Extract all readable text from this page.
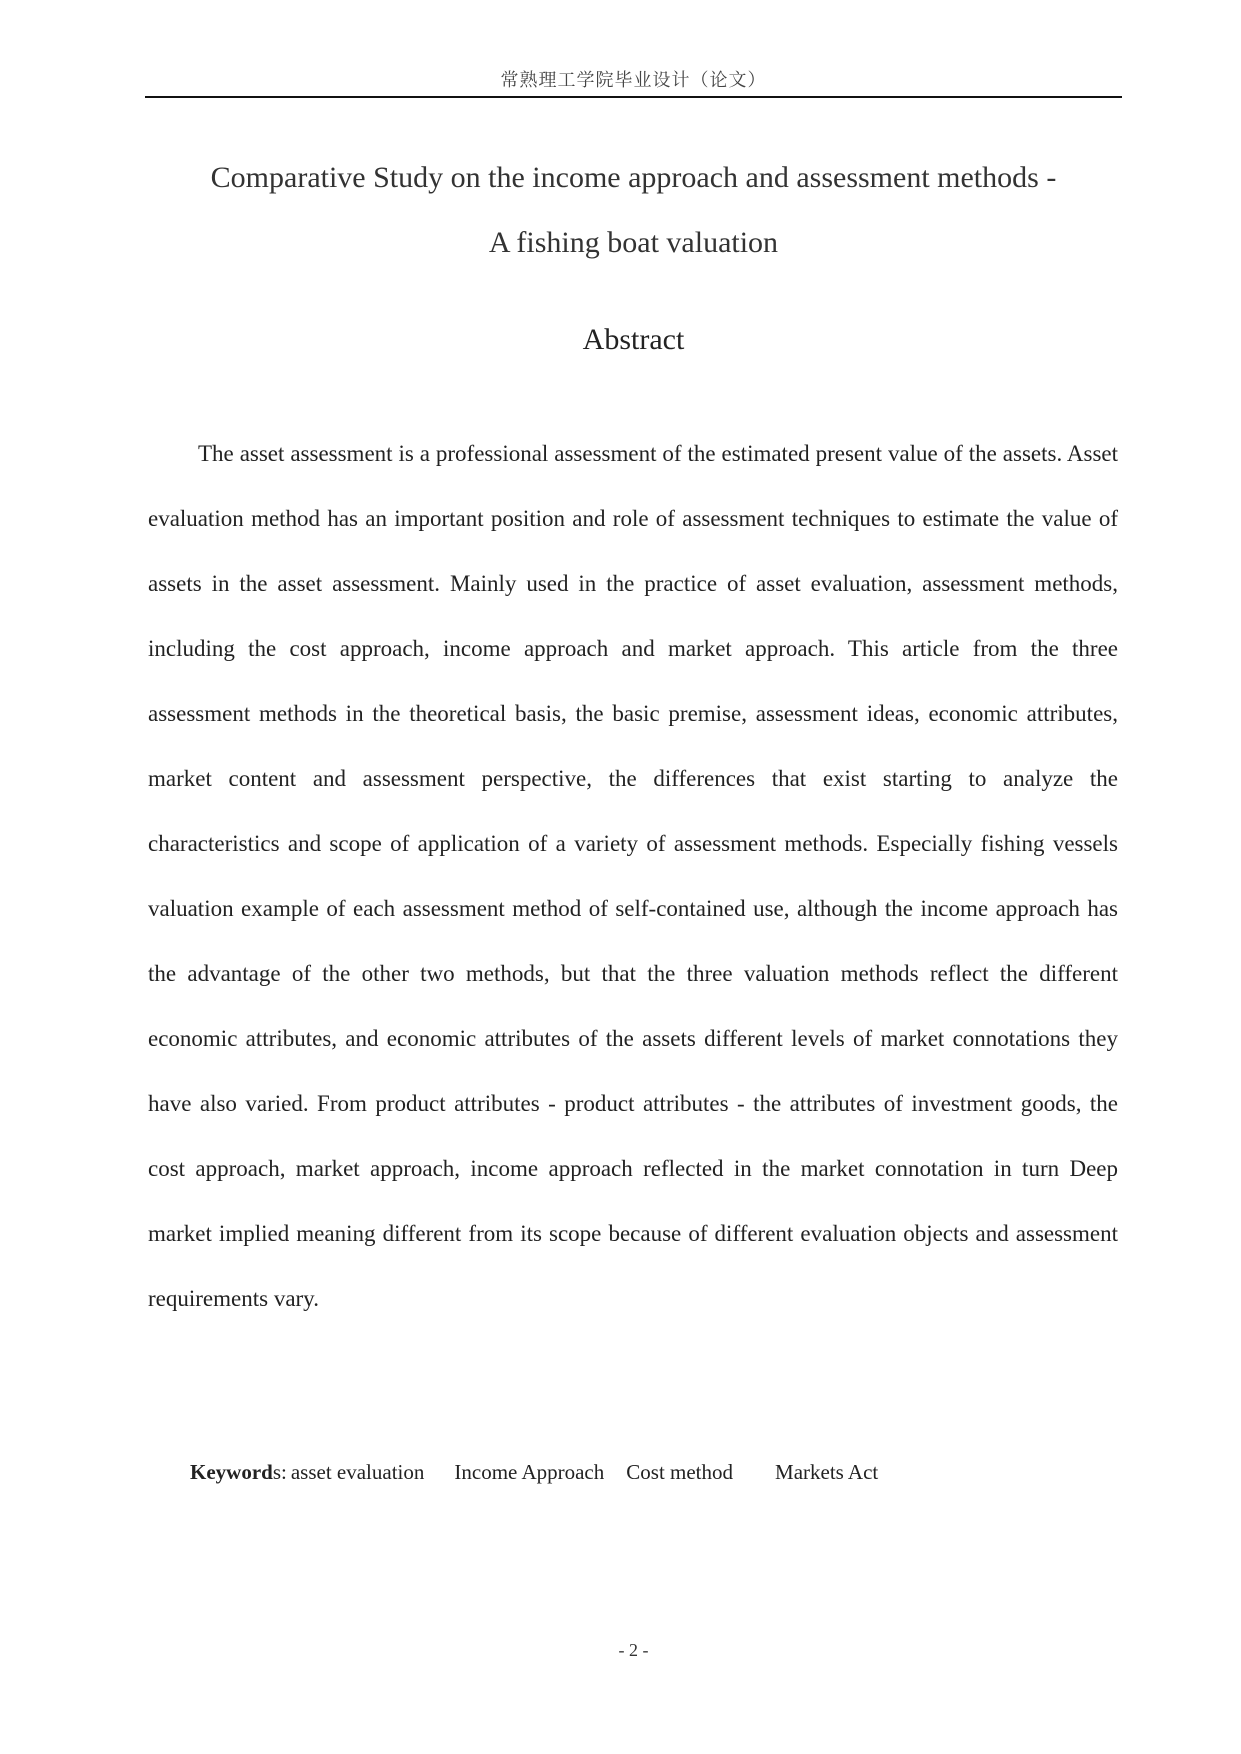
常熟理工学院毕业设计（论文）
Comparative Study on the income approach and assessment methods -
A fishing boat valuation
Abstract

The asset assessment is a professional assessment of the estimated present value of the assets. Asset evaluation method has an important position and role of assessment techniques to estimate the value of assets in the asset assessment. Mainly used in the practice of asset evaluation, assessment methods, including the cost approach, income approach and market approach. This article from the three assessment methods in the theoretical basis, the basic premise, assessment ideas, economic attributes, market content and assessment perspective, the differences that exist starting to analyze the characteristics and scope of application of a variety of assessment methods. Especially fishing vessels valuation example of each assessment method of self-contained use, although the income approach has the advantage of the other two methods, but that the three valuation methods reflect the different economic attributes, and economic attributes of the assets different levels of market connotations they have also varied. From product attributes - product attributes - the attributes of investment goods, the cost approach, market approach, income approach reflected in the market connotation in turn Deep market implied meaning different from its scope because of different evaluation objects and assessment requirements vary.

Keywords: asset evaluation Income Approach Cost method Markets Act
- 2 -
